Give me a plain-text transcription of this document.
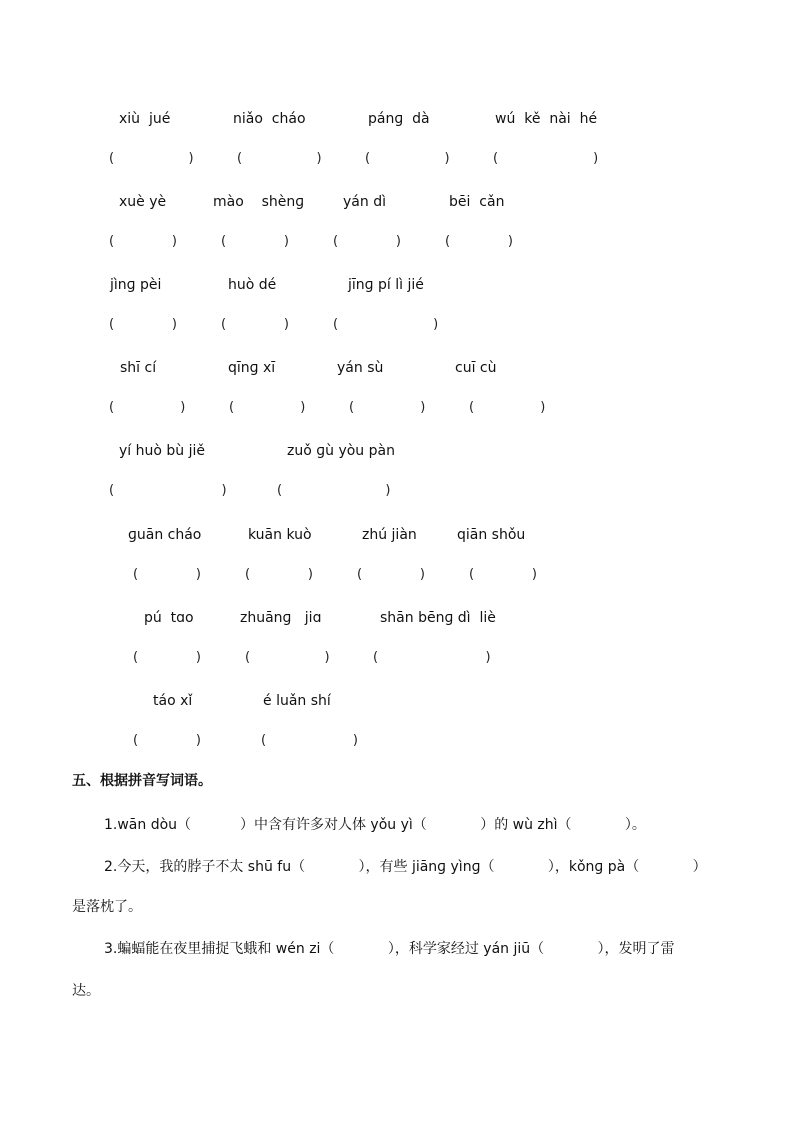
xiù  jué	niǎo  cháo	pánɡ  dà	wú  kě  nài  hé
(                  )	(                  )	(                  )	(                       )
xuè yè	mào    shènɡ	yán dì	bēi  cǎn
(              )	(              )	(              )	(              )
jìnɡ pèi	huò dé	jīnɡ pí lì jié
(              )	(              )	(                       )
shī cí	qīnɡ xī	yán sù	cuī cù
(                )	(                )	(                )	(                )
yí huò bù jiě	zuǒ ɡù yòu pàn
(                          )	(                         )
ɡuān cháo	kuān kuò	zhú jiàn	qiān shǒu
(              )	(              )	(              )	(              )
pú  tɑo	zhuānɡ   jiɑ	shān bēnɡ dì  liè
(              )	(                  )	(                          )
táo xǐ	é luǎn shí
(              )	(                     )
五、根据拼音写词语。
1.wān dòu（           ）中含有许多对人体 yǒu yì（            ）的 wù zhì（            ）。
2.今天，我的脖子不太 shū fu（            ），有些 jiānɡ yìnɡ（            ），kǒnɡ pà（            ）
是落枕了。
3.蝙蝠能在夜里捕捉飞蛾和 wén zi（            ），科学家经过 yán jiū（            ），发明了雷
达。
